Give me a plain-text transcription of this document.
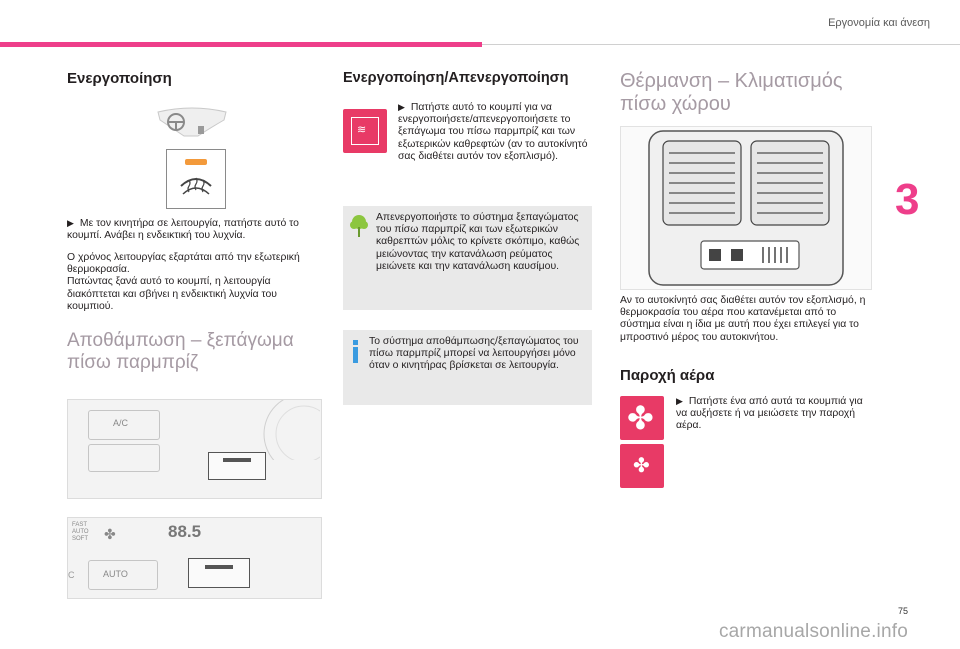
Εργονομία και άνεση
3
Ενεργοποίηση

▶ Με τον κινητήρα σε λειτουργία, πατήστε αυτό το κουμπί. Ανάβει η ενδεικτική του λυχνία.

Ο χρόνος λειτουργίας εξαρτάται από την εξωτερική θερμοκρασία.

Πατώντας ξανά αυτό το κουμπί, η λειτουργία διακόπτεται και σβήνει η ενδεικτική λυχνία του κουμπιού.

Αποθάμπωση – ξεπάγωμα πίσω παρμπρίζ
A/C
FAST
AUTO
SOFT	88.5
✤
C	AUTO
Ενεργοποίηση/Απενεργοποίηση
≋

▶ Πατήστε αυτό το κουμπί για να ενεργοποιήσετε/απενεργοποιήσετε το ξεπάγωμα του πίσω παρμπρίζ και των εξωτερικών καθρεφτών (αν το αυτοκίνητό σας διαθέτει αυτόν τον εξοπλισμό).

Απενεργοποιήστε το σύστημα ξεπαγώματος του πίσω παρμπρίζ και των εξωτερικών καθρεπτών μόλις το κρίνετε σκόπιμο, καθώς μειώνοντας την κατανάλωση ρεύματος μειώνετε και την κατανάλωση καυσίμου.

Το σύστημα αποθάμπωσης/ξεπαγώματος του πίσω παρμπρίζ μπορεί να λειτουργήσει μόνο όταν ο κινητήρας βρίσκεται σε λειτουργία.

Θέρμανση – Κλιματισμός πίσω χώρου

Αν το αυτοκίνητό σας διαθέτει αυτόν τον εξοπλισμό, η θερμοκρασία του αέρα που κατανέμεται από το σύστημα είναι η ίδια με αυτή που έχει επιλεγεί για το μπροστινό μέρος του αυτοκινήτου.

Παροχή αέρα
✤
✤

▶ Πατήστε ένα από αυτά τα κουμπιά για να αυξήσετε ή να μειώσετε την παροχή αέρα.

75
carmanualsonline.info
